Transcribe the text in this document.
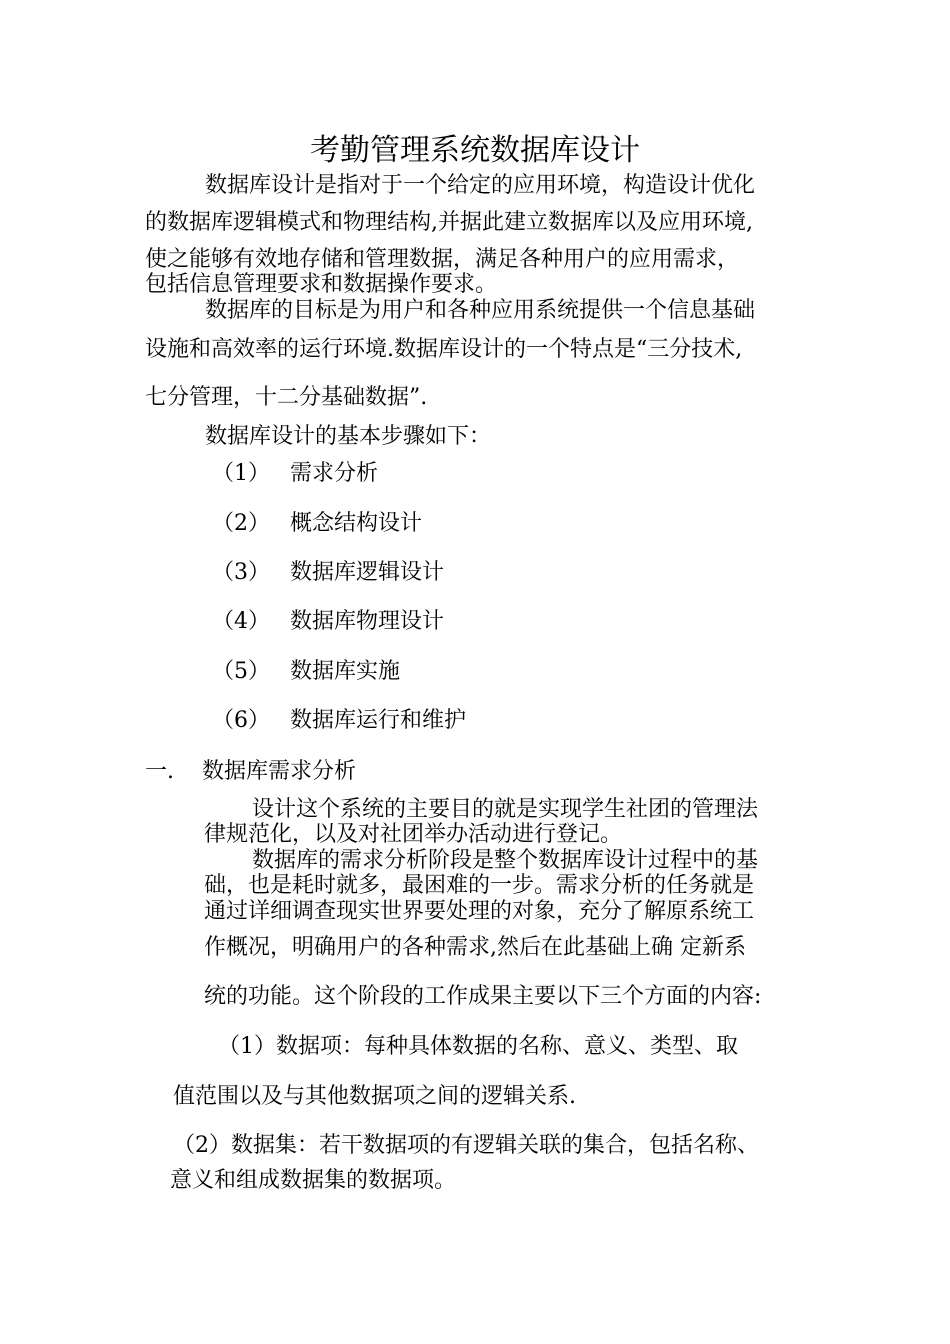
考勤管理系统数据库设计
数据库设计是指对于一个给定的应用环境，构造设计优化
的数据库逻辑模式和物理结构,并据此建立数据库以及应用环境,
使之能够有效地存储和管理数据，满足各种用户的应用需求，
包括信息管理要求和数据操作要求。
数据库的目标是为用户和各种应用系统提供一个信息基础
设施和高效率的运行环境.数据库设计的一个特点是“三分技术,
七分管理，十二分基础数据”.
数据库设计的基本步骤如下：
（1） 需求分析
（2） 概念结构设计
（3） 数据库逻辑设计
（4） 数据库物理设计
（5） 数据库实施
（6） 数据库运行和维护
一. 数据库需求分析
设计这个系统的主要目的就是实现学生社团的管理法
律规范化，以及对社团举办活动进行登记。
数据库的需求分析阶段是整个数据库设计过程中的基
础，也是耗时就多，最困难的一步。需求分析的任务就是
通过详细调查现实世界要处理的对象，充分了解原系统工
作概况，明确用户的各种需求,然后在此基础上确 定新系
统的功能。这个阶段的工作成果主要以下三个方面的内容:
（1）数据项：每种具体数据的名称、意义、类型、取
值范围以及与其他数据项之间的逻辑关系.
（2）数据集：若干数据项的有逻辑关联的集合，包括名称、
意义和组成数据集的数据项。
